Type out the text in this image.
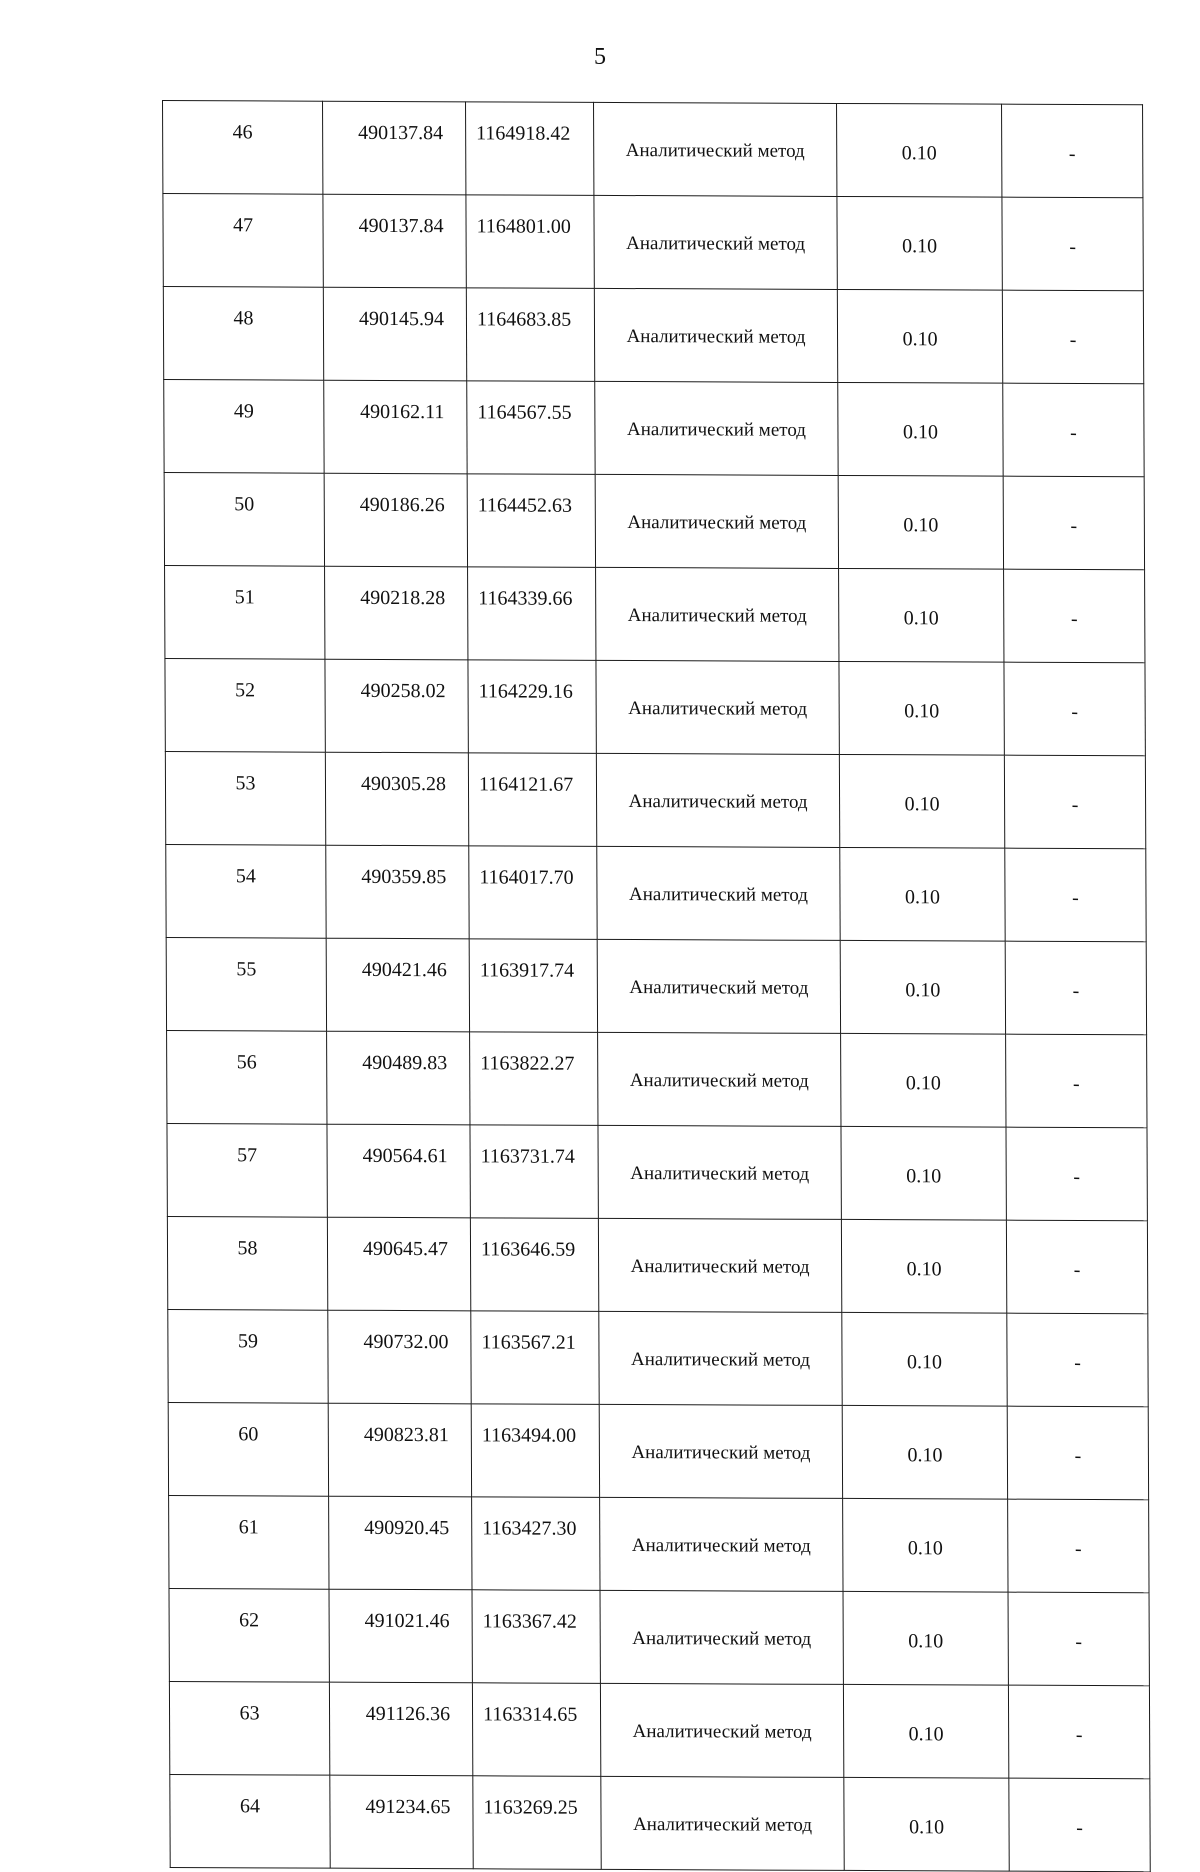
5
46	490137.84	1164918.42	Аналитический метод	0.10	-
47	490137.84	1164801.00	Аналитический метод	0.10	-
48	490145.94	1164683.85	Аналитический метод	0.10	-
49	490162.11	1164567.55	Аналитический метод	0.10	-
50	490186.26	1164452.63	Аналитический метод	0.10	-
51	490218.28	1164339.66	Аналитический метод	0.10	-
52	490258.02	1164229.16	Аналитический метод	0.10	-
53	490305.28	1164121.67	Аналитический метод	0.10	-
54	490359.85	1164017.70	Аналитический метод	0.10	-
55	490421.46	1163917.74	Аналитический метод	0.10	-
56	490489.83	1163822.27	Аналитический метод	0.10	-
57	490564.61	1163731.74	Аналитический метод	0.10	-
58	490645.47	1163646.59	Аналитический метод	0.10	-
59	490732.00	1163567.21	Аналитический метод	0.10	-
60	490823.81	1163494.00	Аналитический метод	0.10	-
61	490920.45	1163427.30	Аналитический метод	0.10	-
62	491021.46	1163367.42	Аналитический метод	0.10	-
63	491126.36	1163314.65	Аналитический метод	0.10	-
64	491234.65	1163269.25	Аналитический метод	0.10	-
